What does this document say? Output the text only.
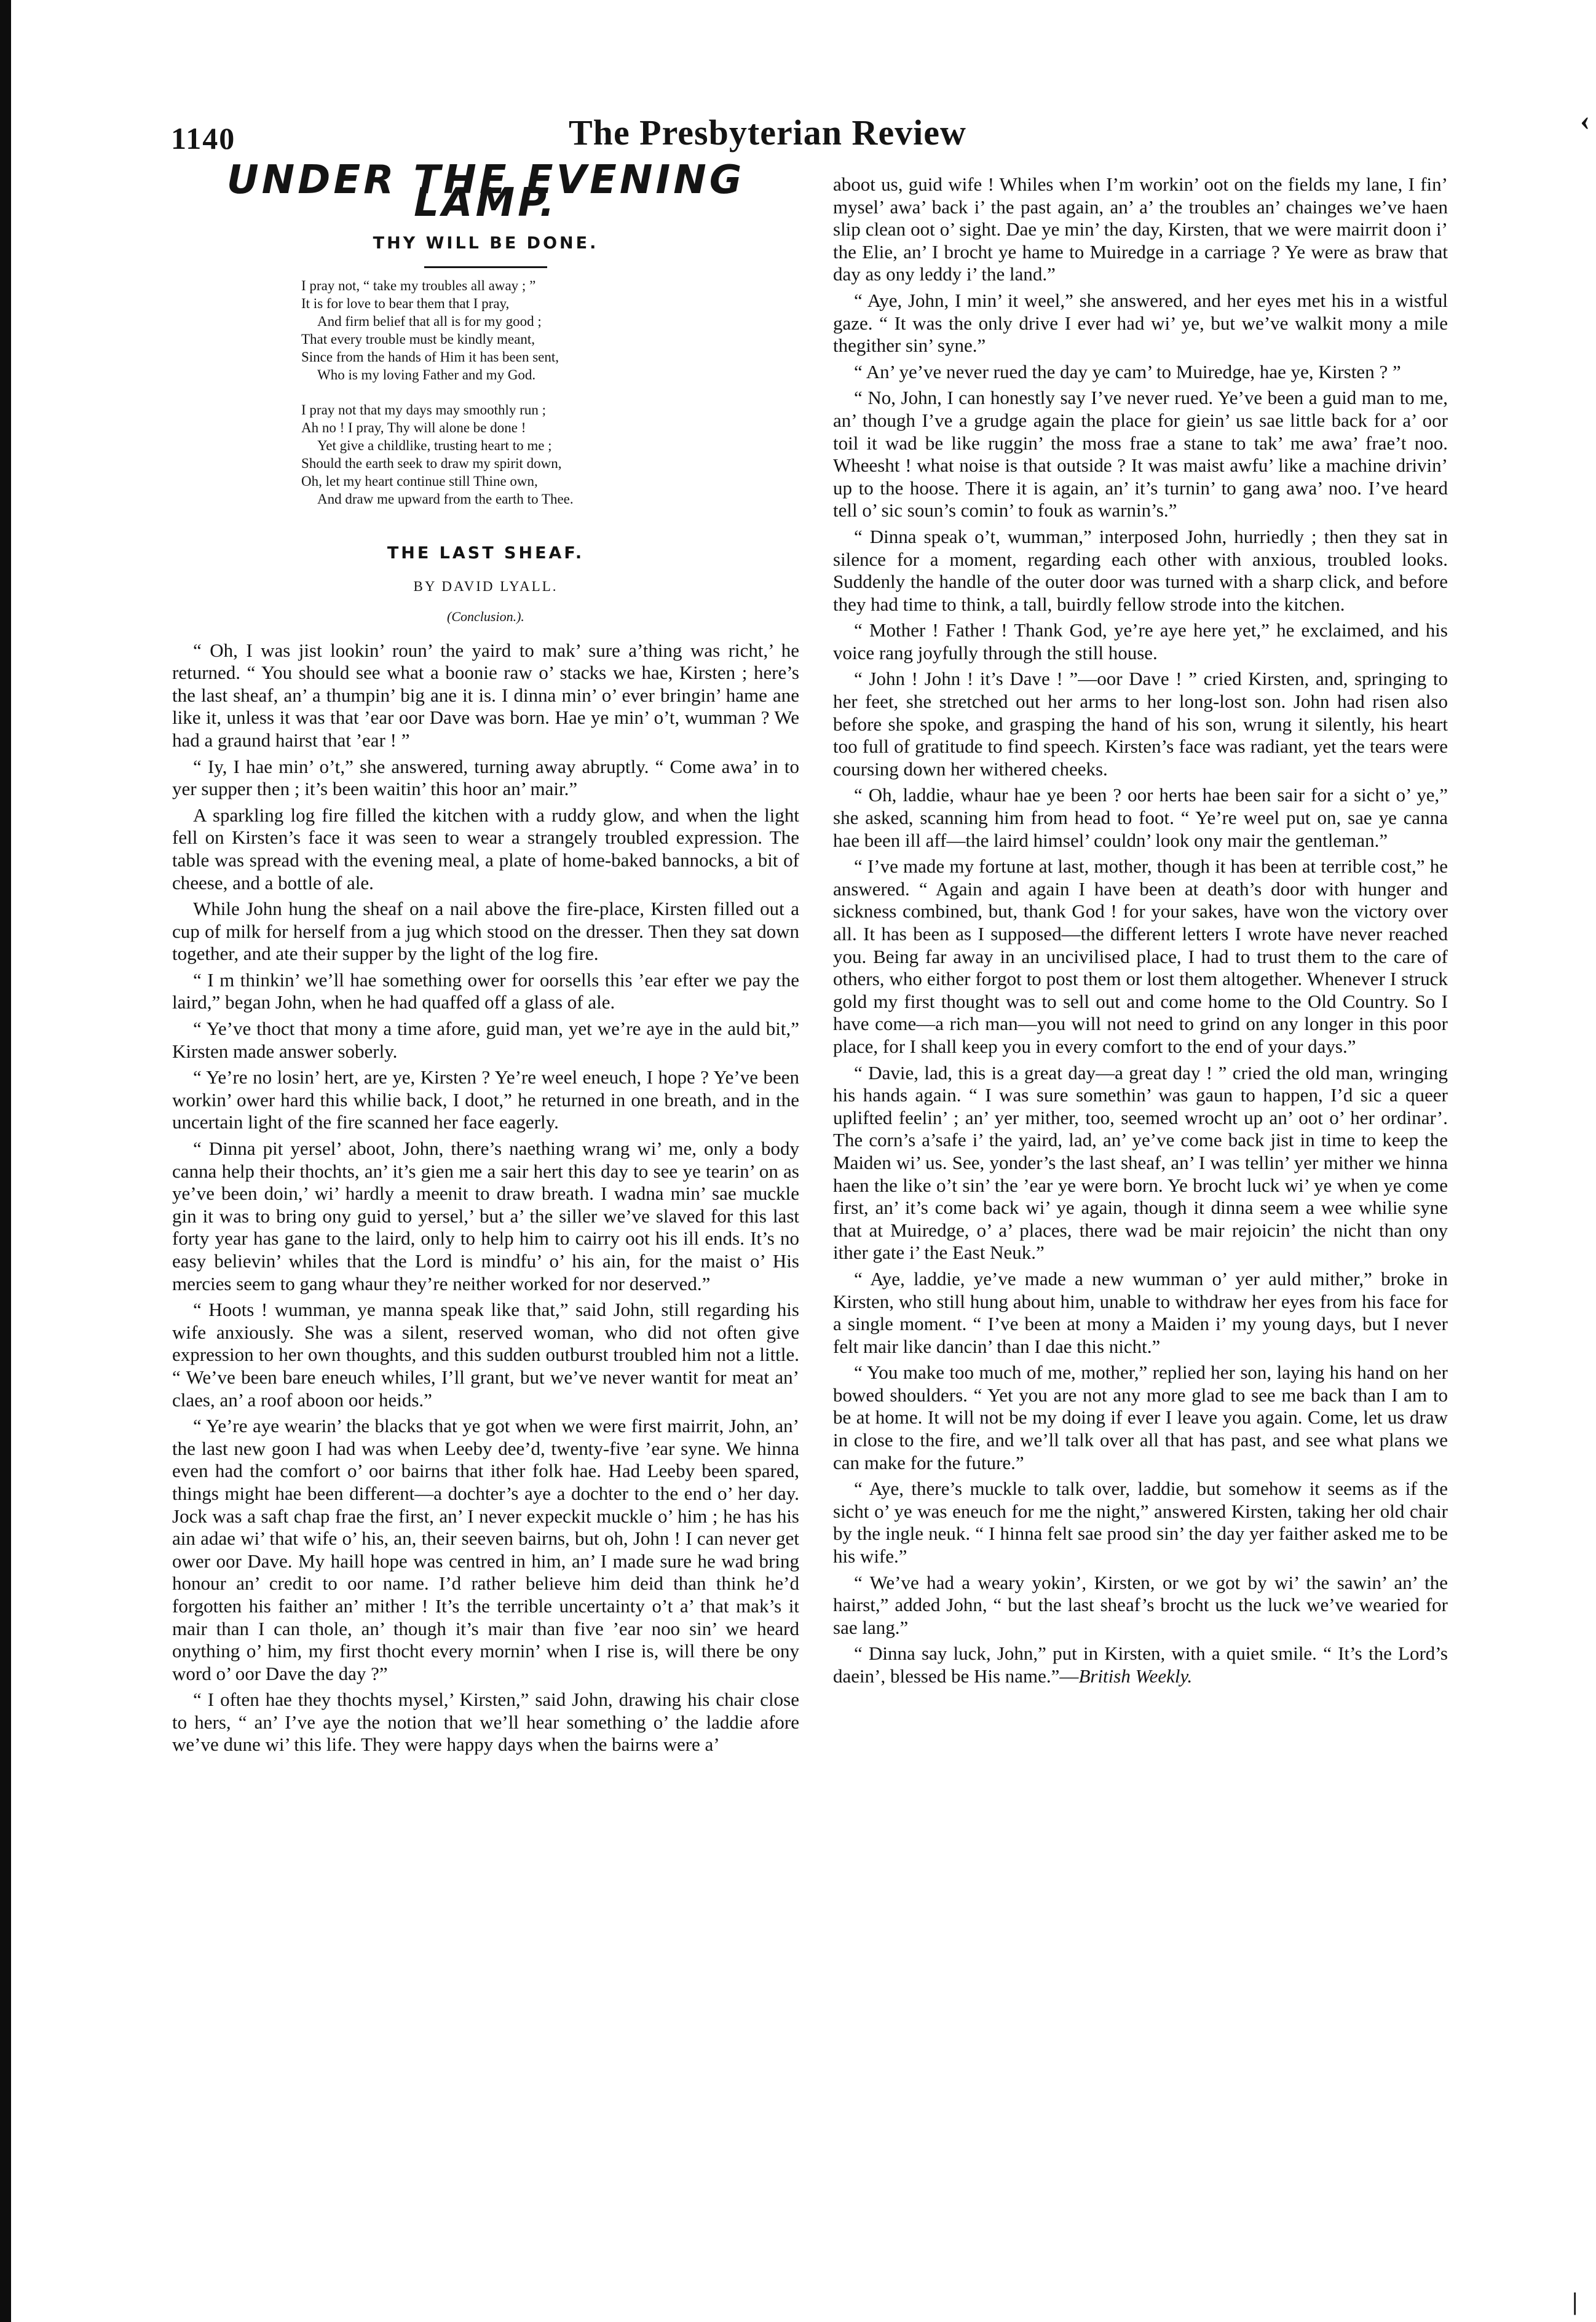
1140	The Presbyterian Review	‹
UNDER THE EVENING LAMP.
THY WILL BE DONE.
I pray not, “ take my troubles all away ; ”
It is for love to bear them that I pray,
And firm belief that all is for my good ;
That every trouble must be kindly meant,
Since from the hands of Him it has been sent,
Who is my loving Father and my God.
I pray not that my days may smoothly run ;
Ah no ! I pray, Thy will alone be done !
Yet give a childlike, trusting heart to me ;
Should the earth seek to draw my spirit down,
Oh, let my heart continue still Thine own,
And draw me upward from the earth to Thee.
THE LAST SHEAF.
BY DAVID LYALL.
(Conclusion.).

“ Oh, I was jist lookin’ roun’ the yaird to mak’ sure a’thing was richt,’ he returned. “ You should see what a boonie raw o’ stacks we hae, Kirsten ; here’s the last sheaf, an’ a thumpin’ big ane it is. I dinna min’ o’ ever bringin’ hame ane like it, unless it was that ’ear oor Dave was born. Hae ye min’ o’t, wumman ? We had a graund hairst that ’ear ! ”

“ Iy, I hae min’ o’t,” she answered, turning away abruptly. “ Come awa’ in to yer supper then ; it’s been waitin’ this hoor an’ mair.”

A sparkling log fire filled the kitchen with a ruddy glow, and when the light fell on Kirsten’s face it was seen to wear a strangely troubled expression. The table was spread with the evening meal, a plate of home-baked bannocks, a bit of cheese, and a bottle of ale.

While John hung the sheaf on a nail above the fire-place, Kirsten filled out a cup of milk for herself from a jug which stood on the dresser. Then they sat down together, and ate their supper by the light of the log fire.

“ I m thinkin’ we’ll hae something ower for oorsells this ’ear efter we pay the laird,” began John, when he had quaffed off a glass of ale.

“ Ye’ve thoct that mony a time afore, guid man, yet we’re aye in the auld bit,” Kirsten made answer soberly.

“ Ye’re no losin’ hert, are ye, Kirsten ? Ye’re weel eneuch, I hope ? Ye’ve been workin’ ower hard this whilie back, I doot,” he returned in one breath, and in the uncertain light of the fire scanned her face eagerly.

“ Dinna pit yersel’ aboot, John, there’s naething wrang wi’ me, only a body canna help their thochts, an’ it’s gien me a sair hert this day to see ye tearin’ on as ye’ve been doin,’ wi’ hardly a meenit to draw breath. I wadna min’ sae muckle gin it was to bring ony guid to yersel,’ but a’ the siller we’ve slaved for this last forty year has gane to the laird, only to help him to cairry oot his ill ends. It’s no easy believin’ whiles that the Lord is mindfu’ o’ his ain, for the maist o’ His mercies seem to gang whaur they’re neither worked for nor deserved.”

“ Hoots ! wumman, ye manna speak like that,” said John, still regarding his wife anxiously. She was a silent, reserved woman, who did not often give expression to her own thoughts, and this sudden outburst troubled him not a little. “ We’ve been bare eneuch whiles, I’ll grant, but we’ve never wantit for meat an’ claes, an’ a roof aboon oor heids.”

“ Ye’re aye wearin’ the blacks that ye got when we were first mairrit, John, an’ the last new goon I had was when Leeby dee’d, twenty-five ’ear syne. We hinna even had the comfort o’ oor bairns that ither folk hae. Had Leeby been spared, things might hae been different—a dochter’s aye a dochter to the end o’ her day. Jock was a saft chap frae the first, an’ I never expeckit muckle o’ him ; he has his ain adae wi’ that wife o’ his, an, their seeven bairns, but oh, John ! I can never get ower oor Dave. My haill hope was centred in him, an’ I made sure he wad bring honour an’ credit to oor name. I’d rather believe him deid than think he’d forgotten his faither an’ mither ! It’s the terrible uncertainty o’t a’ that mak’s it mair than I can thole, an’ though it’s mair than five ’ear noo sin’ we heard onything o’ him, my first thocht every mornin’ when I rise is, will there be ony word o’ oor Dave the day ?”

“ I often hae they thochts mysel,’ Kirsten,” said John, drawing his chair close to hers, “ an’ I’ve aye the notion that we’ll hear something o’ the laddie afore we’ve dune wi’ this life. They were happy days when the bairns were a’

aboot us, guid wife ! Whiles when I’m workin’ oot on the fields my lane, I fin’ mysel’ awa’ back i’ the past again, an’ a’ the troubles an’ chainges we’ve haen slip clean oot o’ sight. Dae ye min’ the day, Kirsten, that we were mairrit doon i’ the Elie, an’ I brocht ye hame to Muiredge in a carriage ? Ye were as braw that day as ony leddy i’ the land.”

“ Aye, John, I min’ it weel,” she answered, and her eyes met his in a wistful gaze. “ It was the only drive I ever had wi’ ye, but we’ve walkit mony a mile thegither sin’ syne.”

“ An’ ye’ve never rued the day ye cam’ to Muiredge, hae ye, Kirsten ? ”

“ No, John, I can honestly say I’ve never rued. Ye’ve been a guid man to me, an’ though I’ve a grudge again the place for giein’ us sae little back for a’ oor toil it wad be like ruggin’ the moss frae a stane to tak’ me awa’ frae’t noo. Wheesht ! what noise is that outside ? It was maist awfu’ like a machine drivin’ up to the hoose. There it is again, an’ it’s turnin’ to gang awa’ noo. I’ve heard tell o’ sic soun’s comin’ to fouk as warnin’s.”

“ Dinna speak o’t, wumman,” interposed John, hurriedly ; then they sat in silence for a moment, regarding each other with anxious, troubled looks. Suddenly the handle of the outer door was turned with a sharp click, and before they had time to think, a tall, buirdly fellow strode into the kitchen.

“ Mother ! Father ! Thank God, ye’re aye here yet,” he exclaimed, and his voice rang joyfully through the still house.

“ John ! John ! it’s Dave ! ”—oor Dave ! ” cried Kirsten, and, springing to her feet, she stretched out her arms to her long-lost son. John had risen also before she spoke, and grasping the hand of his son, wrung it silently, his heart too full of gratitude to find speech. Kirsten’s face was radiant, yet the tears were coursing down her withered cheeks.

“ Oh, laddie, whaur hae ye been ? oor herts hae been sair for a sicht o’ ye,” she asked, scanning him from head to foot. “ Ye’re weel put on, sae ye canna hae been ill aff—the laird himsel’ couldn’ look ony mair the gentleman.”

“ I’ve made my fortune at last, mother, though it has been at terrible cost,” he answered. “ Again and again I have been at death’s door with hunger and sickness combined, but, thank God ! for your sakes, have won the victory over all. It has been as I supposed—the different letters I wrote have never reached you. Being far away in an uncivilised place, I had to trust them to the care of others, who either forgot to post them or lost them altogether. Whenever I struck gold my first thought was to sell out and come home to the Old Country. So I have come—a rich man—you will not need to grind on any longer in this poor place, for I shall keep you in every comfort to the end of your days.”

“ Davie, lad, this is a great day—a great day ! ” cried the old man, wringing his hands again. “ I was sure somethin’ was gaun to happen, I’d sic a queer uplifted feelin’ ; an’ yer mither, too, seemed wrocht up an’ oot o’ her ordinar’. The corn’s a’safe i’ the yaird, lad, an’ ye’ve come back jist in time to keep the Maiden wi’ us. See, yonder’s the last sheaf, an’ I was tellin’ yer mither we hinna haen the like o’t sin’ the ’ear ye were born. Ye brocht luck wi’ ye when ye come first, an’ it’s come back wi’ ye again, though it dinna seem a wee whilie syne that at Muiredge, o’ a’ places, there wad be mair rejoicin’ the nicht than ony ither gate i’ the East Neuk.”

“ Aye, laddie, ye’ve made a new wumman o’ yer auld mither,” broke in Kirsten, who still hung about him, unable to withdraw her eyes from his face for a single moment. “ I’ve been at mony a Maiden i’ my young days, but I never felt mair like dancin’ than I dae this nicht.”

“ You make too much of me, mother,” replied her son, laying his hand on her bowed shoulders. “ Yet you are not any more glad to see me back than I am to be at home. It will not be my doing if ever I leave you again. Come, let us draw in close to the fire, and we’ll talk over all that has past, and see what plans we can make for the future.”

“ Aye, there’s muckle to talk over, laddie, but somehow it seems as if the sicht o’ ye was eneuch for me the night,” answered Kirsten, taking her old chair by the ingle neuk. “ I hinna felt sae prood sin’ the day yer faither asked me to be his wife.”

“ We’ve had a weary yokin’, Kirsten, or we got by wi’ the sawin’ an’ the hairst,” added John, “ but the last sheaf’s brocht us the luck we’ve wearied for sae lang.”

“ Dinna say luck, John,” put in Kirsten, with a quiet smile. “ It’s the Lord’s daein’, blessed be His name.”—British Weekly.

|
